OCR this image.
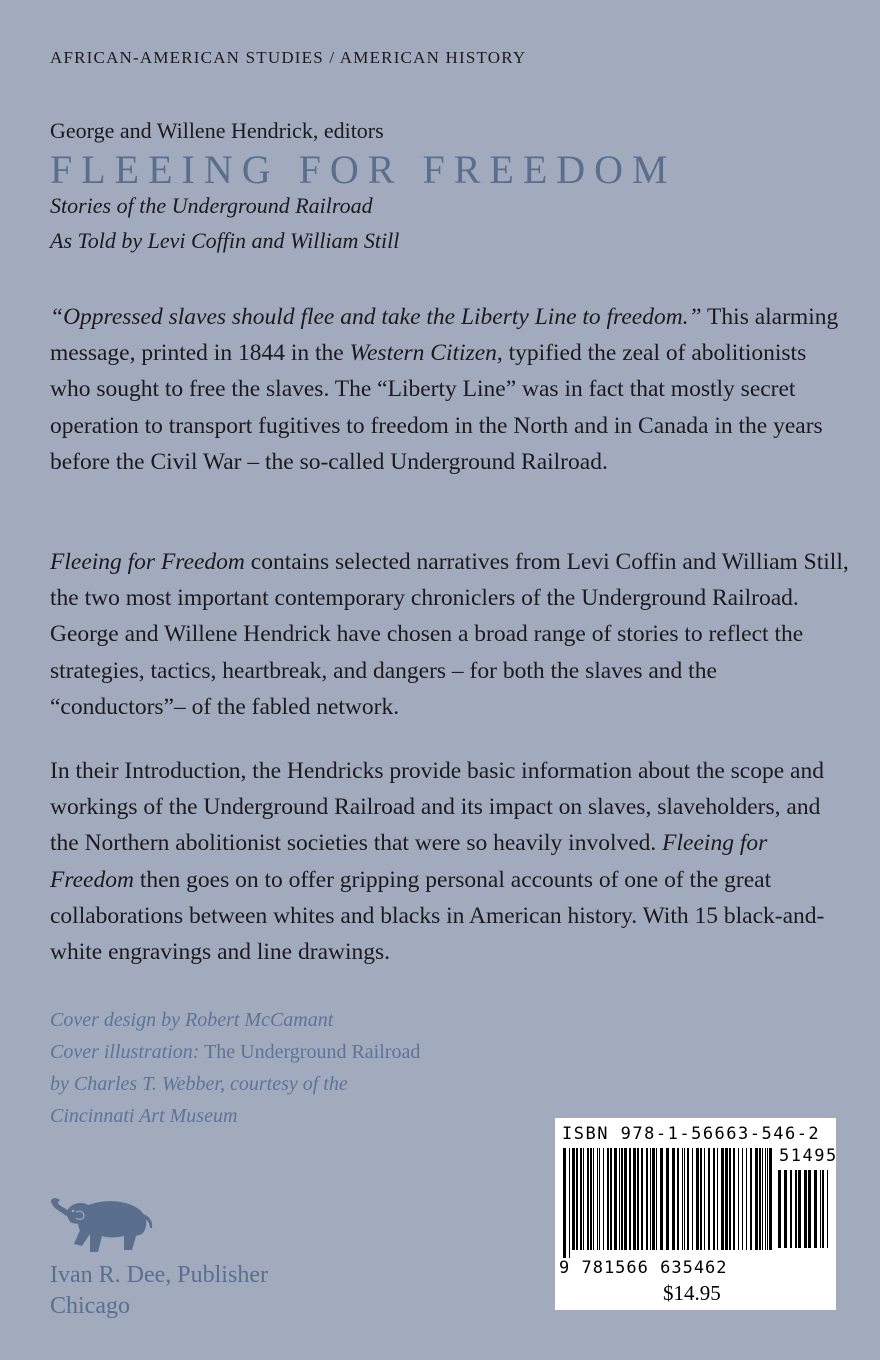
AFRICAN-AMERICAN STUDIES / AMERICAN HISTORY
George and Willene Hendrick, editors
FLEEING FOR FREEDOM
Stories of the Underground Railroad
As Told by Levi Coffin and William Still

“Oppressed slaves should flee and take the Liberty Line to freedom.” This alarming message, printed in 1844 in the Western Citizen, typified the zeal of abolitionists who sought to free the slaves. The “Liberty Line” was in fact that mostly secret operation to transport fugitives to freedom in the North and in Canada in the years before the Civil War – the so-called Underground Railroad.

Fleeing for Freedom contains selected narratives from Levi Coffin and William Still, the two most important contemporary chroniclers of the Underground Railroad. George and Willene Hendrick have chosen a broad range of stories to reflect the strategies, tactics, heartbreak, and dangers – for both the slaves and the “conductors”– of the fabled network.

In their Introduction, the Hendricks provide basic information about the scope and workings of the Underground Railroad and its impact on slaves, slaveholders, and the Northern abolitionist societies that were so heavily involved. Fleeing for Freedom then goes on to offer gripping personal accounts of one of the great collaborations between whites and blacks in American history. With 15 black-and-white engravings and line drawings.

Cover design by Robert McCamant
Cover illustration: The Underground Railroad
by Charles T. Webber, courtesy of the
Cincinnati Art Museum
Ivan R. Dee, Publisher
Chicago
ISBN 978-1-56663-546-2
51495
9 781566 635462
$14.95
